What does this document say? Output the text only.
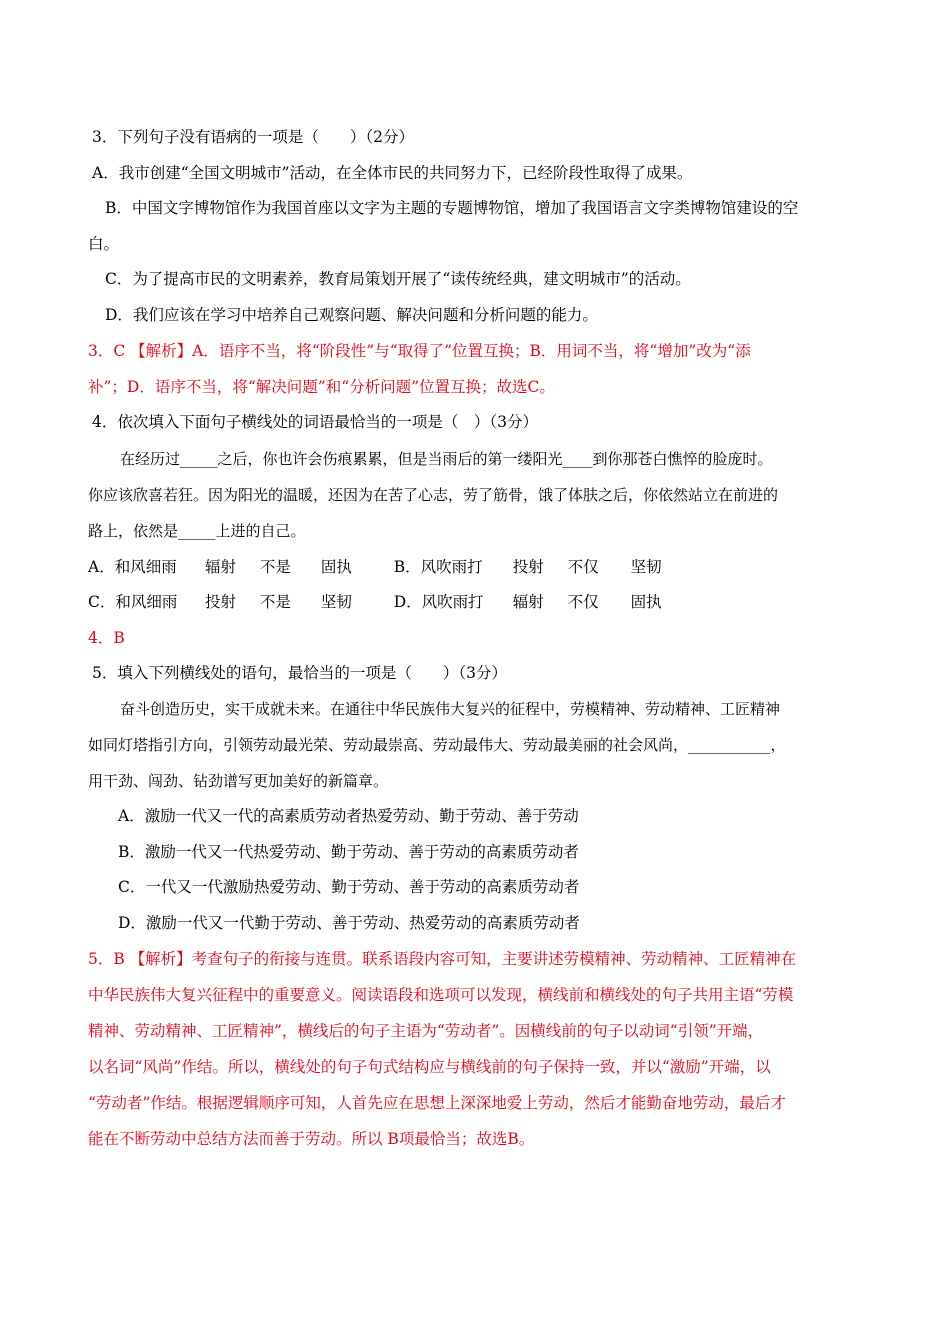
3．下列句子没有语病的一项是（　　）（2分）
A．我市创建“全国文明城市”活动，在全体市民的共同努力下，已经阶段性取得了成果。
B．中国文字博物馆作为我国首座以文字为主题的专题博物馆，增加了我国语言文字类博物馆建设的空
白。
C．为了提高市民的文明素养，教育局策划开展了“读传统经典，建文明城市”的活动。
D．我们应该在学习中培养自己观察问题、解决问题和分析问题的能力。
3．C 【解析】A．语序不当，将“阶段性”与“取得了”位置互换；B．用词不当，将“增加”改为“添
补”；D．语序不当，将“解决问题”和“分析问题”位置互换；故选C。
4．依次填入下面句子横线处的词语最恰当的一项是（　）（3分）
在经历过_____之后，你也许会伤痕累累，但是当雨后的第一缕阳光____到你那苍白憔悴的脸庞时。
你应该欣喜若狂。因为阳光的温暖，还因为在苦了心志，劳了筋骨，饿了体肤之后，你依然站立在前进的
路上，依然是_____上进的自己。
A．和风细雨 辐射 不是 固执	B．风吹雨打 投射 不仅 坚韧
C．和风细雨 投射 不是 坚韧	D．风吹雨打 辐射 不仅 固执
4．B
5．填入下列横线处的语句，最恰当的一项是（　　）（3分）
奋斗创造历史，实干成就未来。在通往中华民族伟大复兴的征程中，劳模精神、劳动精神、工匠精神
如同灯塔指引方向，引领劳动最光荣、劳动最崇高、劳动最伟大、劳动最美丽的社会风尚，___________，
用干劲、闯劲、钻劲谱写更加美好的新篇章。
A．激励一代又一代的高素质劳动者热爱劳动、勤于劳动、善于劳动
B．激励一代又一代热爱劳动、勤于劳动、善于劳动的高素质劳动者
C．一代又一代激励热爱劳动、勤于劳动、善于劳动的高素质劳动者
D．激励一代又一代勤于劳动、善于劳动、热爱劳动的高素质劳动者
5．B 【解析】考查句子的衔接与连贯。联系语段内容可知，主要讲述劳模精神、劳动精神、工匠精神在
中华民族伟大复兴征程中的重要意义。阅读语段和选项可以发现，横线前和横线处的句子共用主语“劳模
精神、劳动精神、工匠精神”，横线后的句子主语为“劳动者”。因横线前的句子以动词“引领”开端，
以名词“风尚”作结。所以，横线处的句子句式结构应与横线前的句子保持一致，并以“激励”开端，以
“劳动者”作结。根据逻辑顺序可知，人首先应在思想上深深地爱上劳动，然后才能勤奋地劳动，最后才
能在不断劳动中总结方法而善于劳动。所以 B项最恰当；故选B。
